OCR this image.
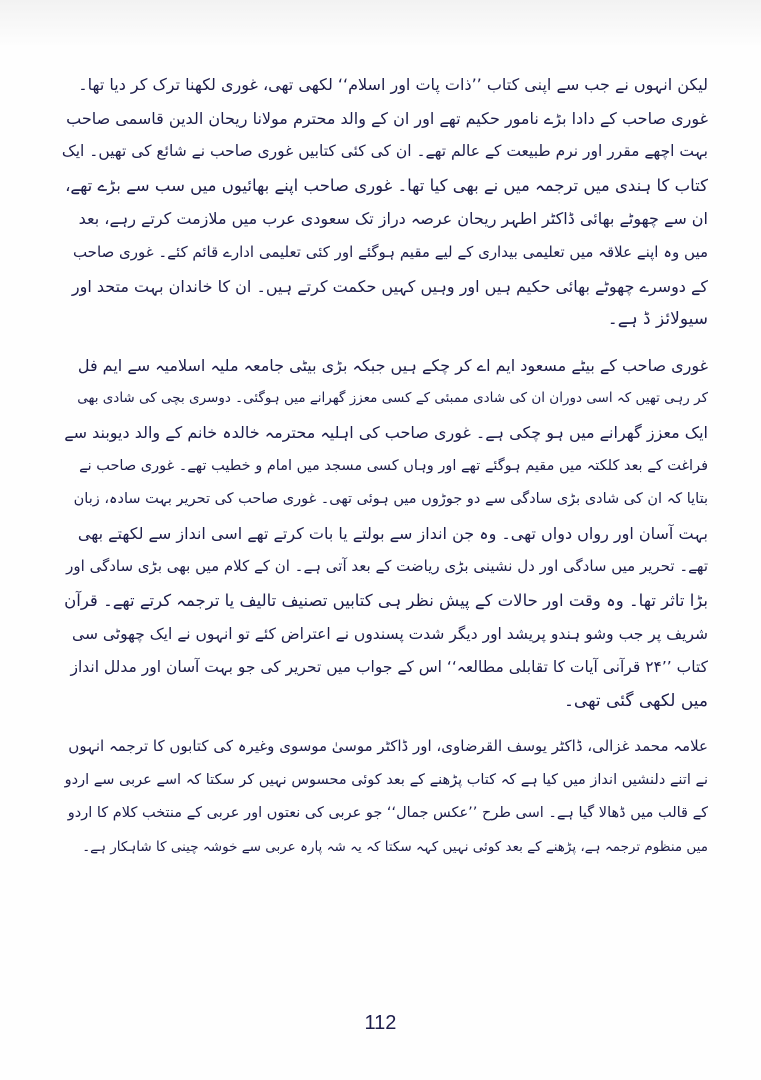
لیکن انہوں نے جب سے اپنی کتاب ’’ذات پات اور اسلام‘‘ لکھی تھی، غوری لکھنا ترک کر دیا تھا۔
غوری صاحب کے دادا بڑے نامور حکیم تھے اور ان کے والد محترم مولانا ریحان الدین قاسمی صاحب
بہت اچھے مقرر اور نرم طبیعت کے عالم تھے۔ ان کی کئی کتابیں غوری صاحب نے شائع کی تھیں۔ ایک
کتاب کا ہندی میں ترجمہ میں نے بھی کیا تھا۔ غوری صاحب اپنے بھائیوں میں سب سے بڑے تھے،
ان سے چھوٹے بھائی ڈاکٹر اطہر ریحان عرصہ دراز تک سعودی عرب میں ملازمت کرتے رہے، بعد
میں وہ اپنے علاقہ میں تعلیمی بیداری کے لیے مقیم ہوگئے اور کئی تعلیمی ادارے قائم کئے۔ غوری صاحب
کے دوسرے چھوٹے بھائی حکیم ہیں اور وہیں کہیں حکمت کرتے ہیں۔ ان کا خاندان بہت متحد اور
سیولائز ڈ ہے۔
غوری صاحب کے بیٹے مسعود ایم اے کر چکے ہیں جبکہ بڑی بیٹی جامعہ ملیہ اسلامیہ سے ایم فل
کر رہی تھیں کہ اسی دوران ان کی شادی ممبئی کے کسی معزز گھرانے میں ہوگئی۔ دوسری بچی کی شادی بھی
ایک معزز گھرانے میں ہو چکی ہے۔ غوری صاحب کی اہلیہ محترمہ خالدہ خانم کے والد دیوبند سے
فراغت کے بعد کلکتہ میں مقیم ہوگئے تھے اور وہاں کسی مسجد میں امام و خطیب تھے۔ غوری صاحب نے
بتایا کہ ان کی شادی بڑی سادگی سے دو جوڑوں میں ہوئی تھی۔ غوری صاحب کی تحریر بہت سادہ، زبان
بہت آسان اور رواں دواں تھی۔ وہ جن انداز سے بولتے یا بات کرتے تھے اسی انداز سے لکھتے بھی
تھے۔ تحریر میں سادگی اور دل نشینی بڑی ریاضت کے بعد آتی ہے۔ ان کے کلام میں بھی بڑی سادگی اور
بڑا تاثر تھا۔ وہ وقت اور حالات کے پیش نظر ہی کتابیں تصنیف تالیف یا ترجمہ کرتے تھے۔ قرآن
شریف پر جب وشو ہندو پریشد اور دیگر شدت پسندوں نے اعتراض کئے تو انہوں نے ایک چھوٹی سی
کتاب ’’۲۴ قرآنی آیات کا تقابلی مطالعہ‘‘ اس کے جواب میں تحریر کی جو بہت آسان اور مدلل انداز
میں لکھی گئی تھی۔
علامہ محمد غزالی، ڈاکٹر یوسف القرضاوی، اور ڈاکٹر موسیٰ موسوی وغیرہ کی کتابوں کا ترجمہ انہوں
نے اتنے دلنشیں انداز میں کیا ہے کہ کتاب پڑھنے کے بعد کوئی محسوس نہیں کر سکتا کہ اسے عربی سے اردو
کے قالب میں ڈھالا گیا ہے۔ اسی طرح ’’عکس جمال‘‘ جو عربی کی نعتوں اور عربی کے منتخب کلام کا اردو
میں منظوم ترجمہ ہے، پڑھنے کے بعد کوئی نہیں کہہ سکتا کہ یہ شہ پارہ عربی سے خوشہ چینی کا شاہکار ہے۔
112
